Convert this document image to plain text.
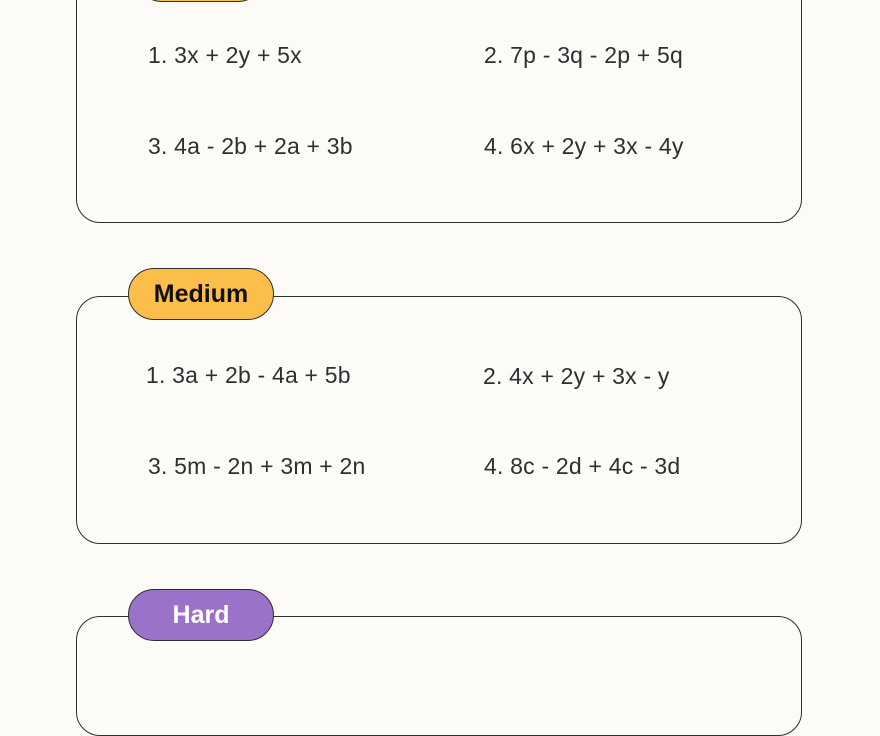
1. 3x + 2y + 5x	2. 7p - 3q - 2p + 5q
3. 4a - 2b + 2a + 3b	4. 6x + 2y + 3x - 4y
Medium
1. 3a + 2b - 4a + 5b	2. 4x + 2y + 3x - y
3. 5m - 2n + 3m + 2n	4. 8c - 2d + 4c - 3d
Hard
